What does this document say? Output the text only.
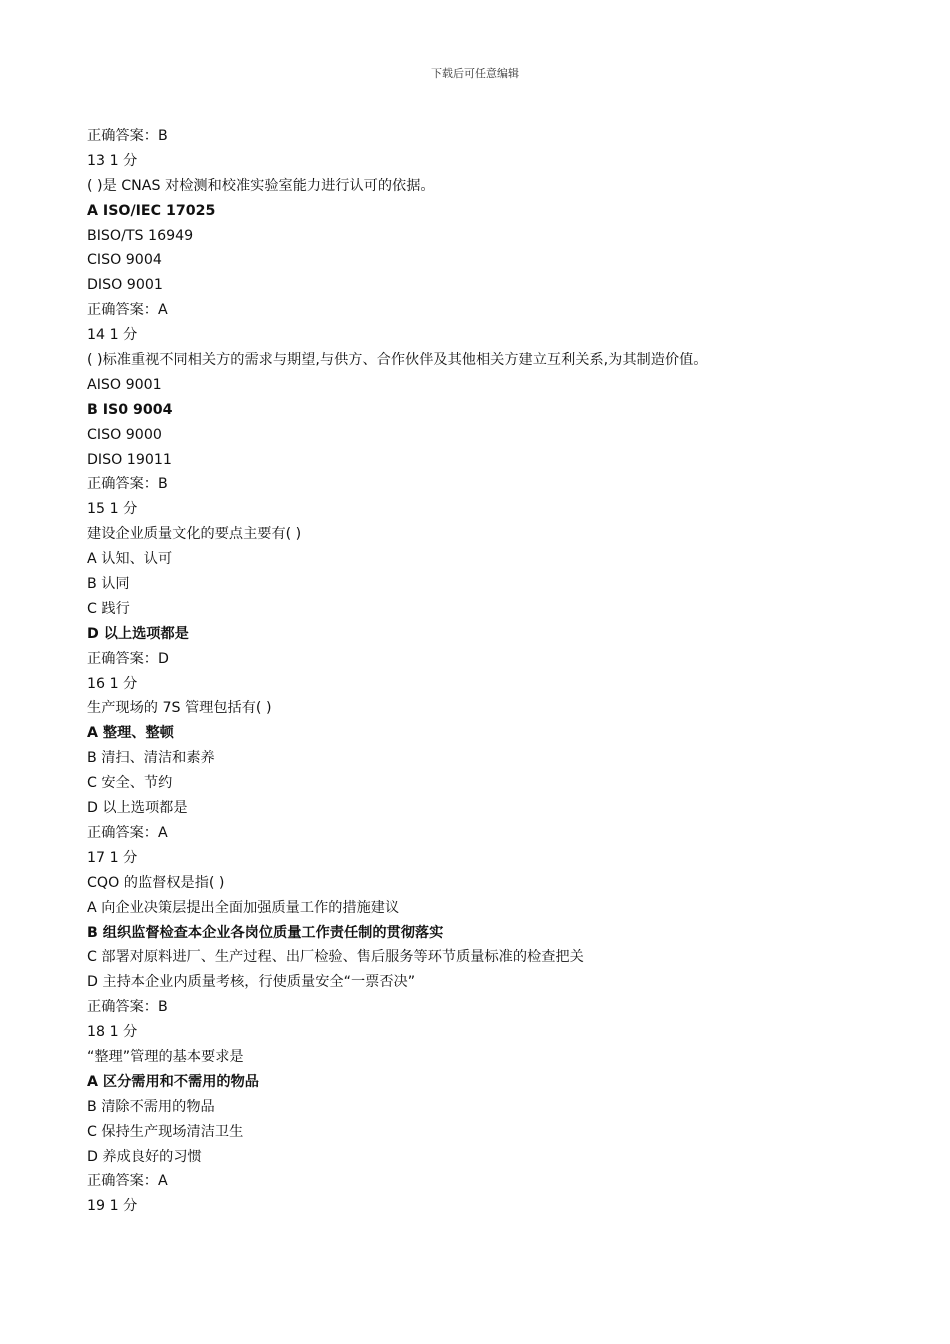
下载后可任意编辑
正确答案：B
13 1 分
( )是 CNAS 对检测和校准实验室能力进行认可的依据。
A ISO/IEC 17025
BISO/TS 16949
CISO 9004
DISO 9001
正确答案：A
14 1 分
( )标准重视不同相关方的需求与期望,与供方、合作伙伴及其他相关方建立互利关系,为其制造价值。
AISO 9001
B IS0 9004
CISO 9000
DISO 19011
正确答案：B
15 1 分
建设企业质量文化的要点主要有( )
A 认知、认可
B 认同
C 践行
D 以上选项都是
正确答案：D
16 1 分
生产现场的 7S 管理包括有( )
A 整理、整顿
B 清扫、清洁和素养
C 安全、节约
D 以上选项都是
正确答案：A
17 1 分
CQO 的监督权是指( )
A 向企业决策层提出全面加强质量工作的措施建议
B 组织监督检查本企业各岗位质量工作责任制的贯彻落实
C 部署对原料进厂、生产过程、出厂检验、售后服务等环节质量标准的检查把关
D 主持本企业内质量考核，行使质量安全“一票否决”
正确答案：B
18 1 分
“整理”管理的基本要求是
A 区分需用和不需用的物品
B 清除不需用的物品
C 保持生产现场清洁卫生
D 养成良好的习惯
正确答案：A
19 1 分
